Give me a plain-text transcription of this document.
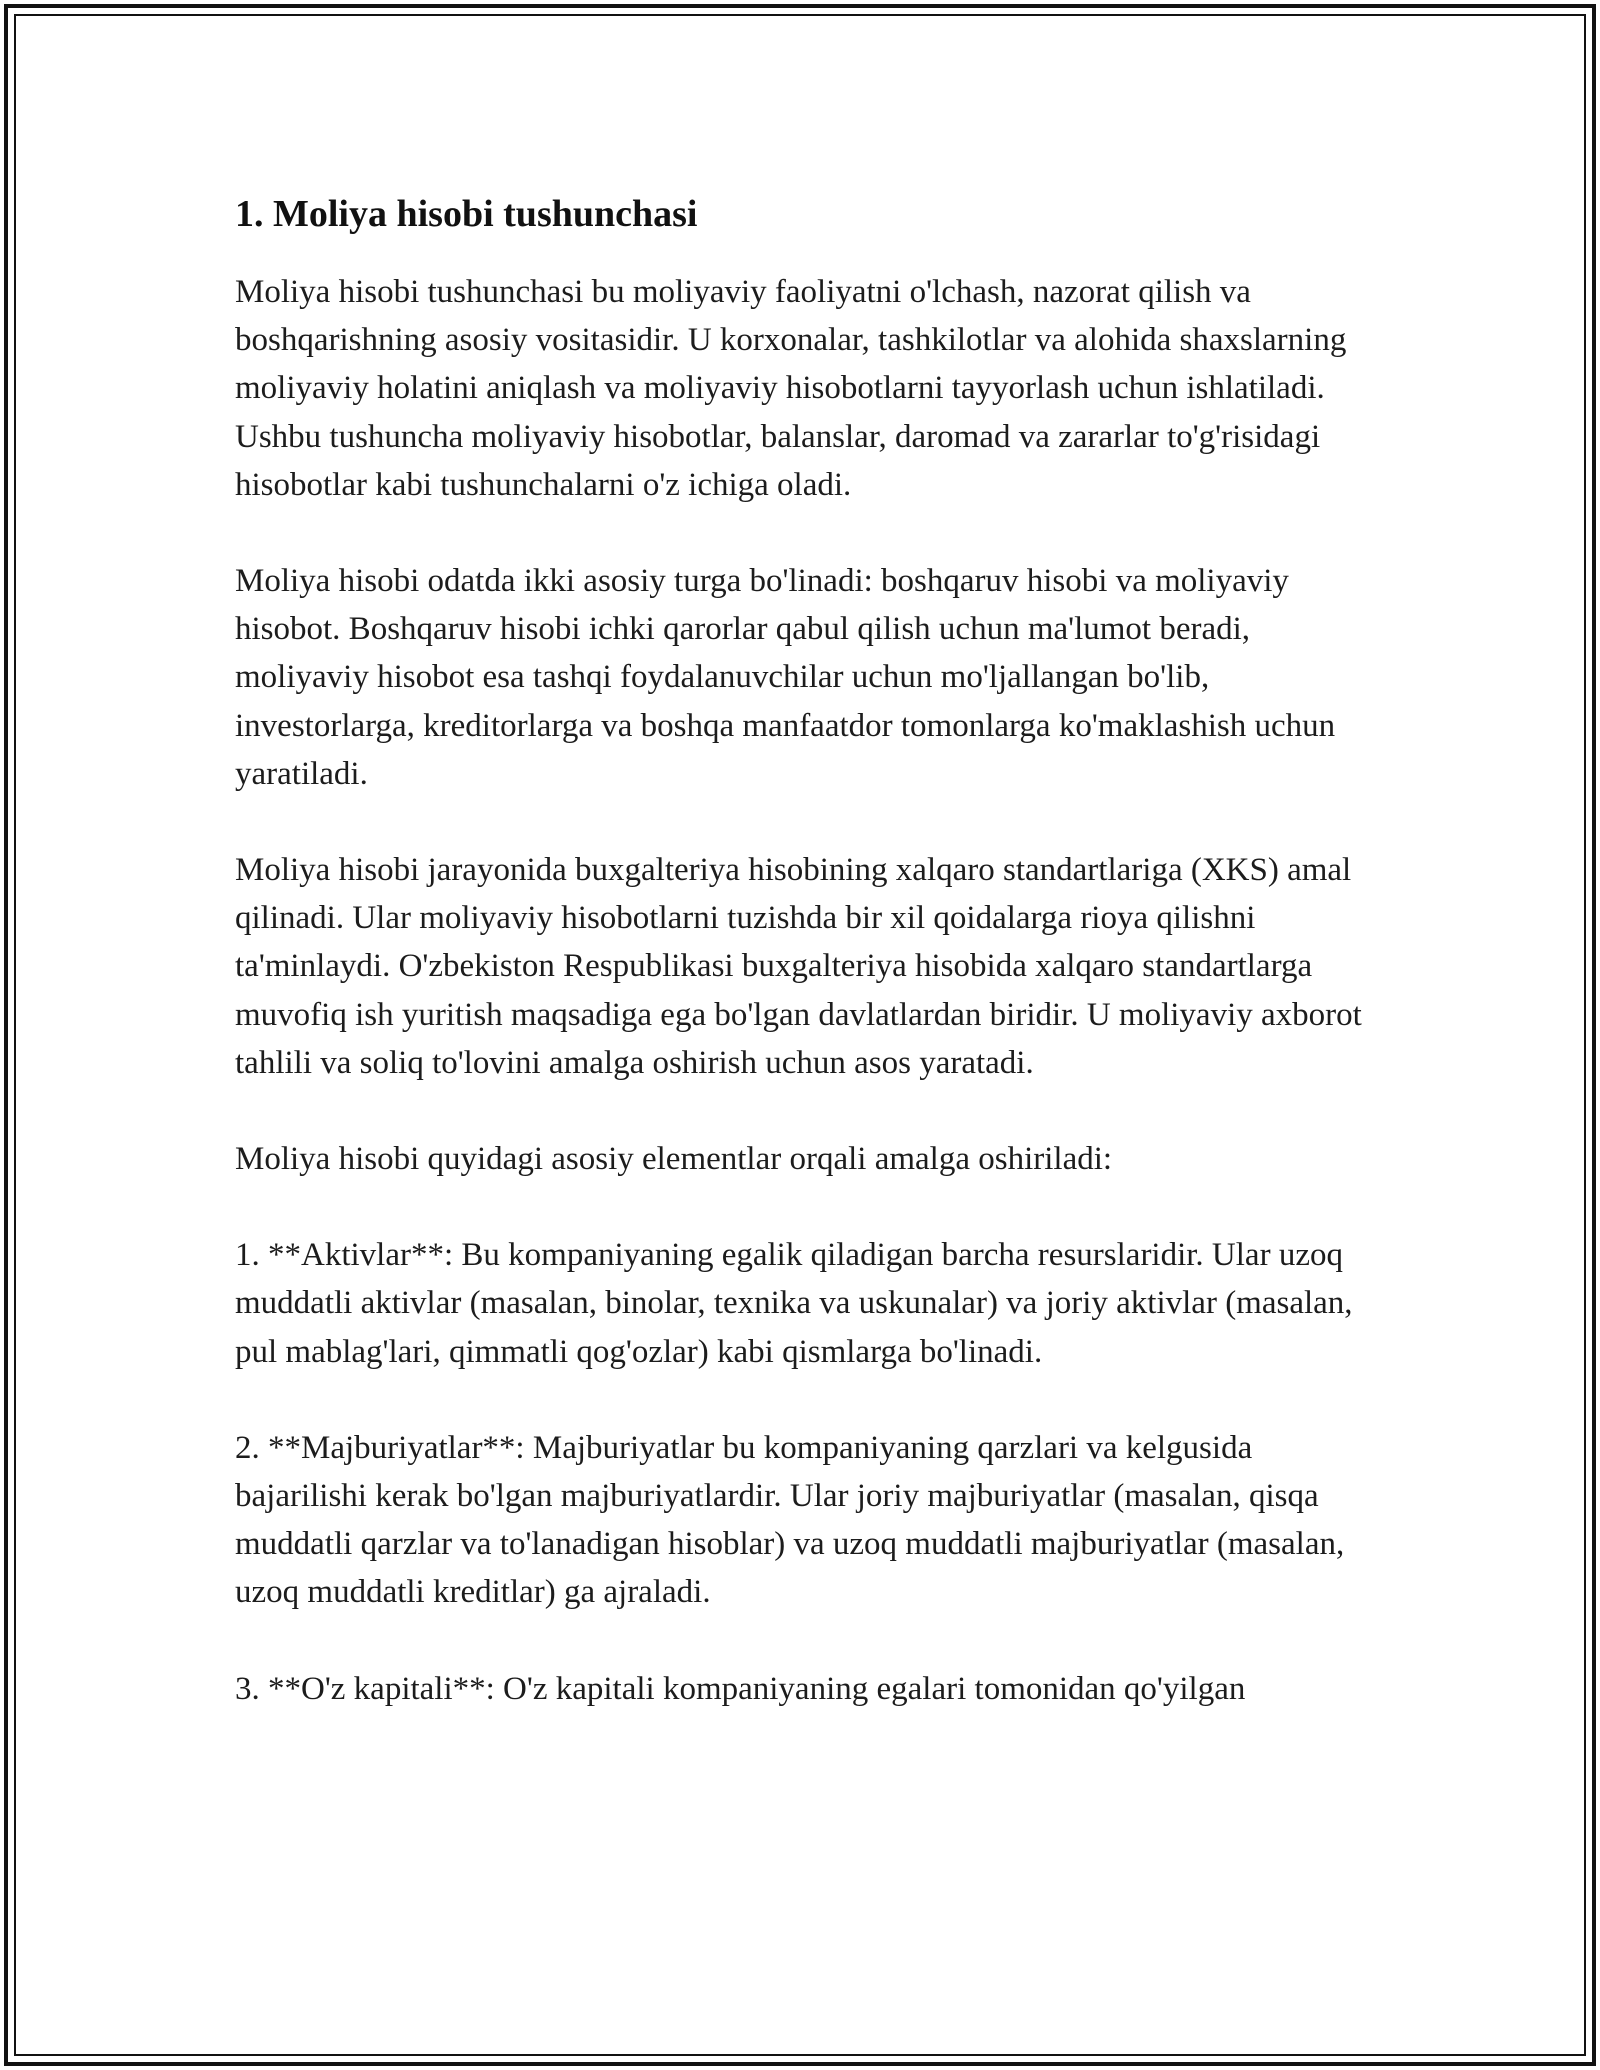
1. Moliya hisobi tushunchasi

Moliya hisobi tushunchasi bu moliyaviy faoliyatni o'lchash, nazorat qilish va boshqarishning asosiy vositasidir. U korxonalar, tashkilotlar va alohida shaxslarning moliyaviy holatini aniqlash va moliyaviy hisobotlarni tayyorlash uchun ishlatiladi. Ushbu tushuncha moliyaviy hisobotlar, balanslar, daromad va zararlar to'g'risidagi hisobotlar kabi tushunchalarni o'z ichiga oladi.

Moliya hisobi odatda ikki asosiy turga bo'linadi: boshqaruv hisobi va moliyaviy hisobot. Boshqaruv hisobi ichki qarorlar qabul qilish uchun ma'lumot beradi, moliyaviy hisobot esa tashqi foydalanuvchilar uchun mo'ljallangan bo'lib, investorlarga, kreditorlarga va boshqa manfaatdor tomonlarga ko'maklashish uchun yaratiladi.

Moliya hisobi jarayonida buxgalteriya hisobining xalqaro standartlariga (XKS) amal qilinadi. Ular moliyaviy hisobotlarni tuzishda bir xil qoidalarga rioya qilishni ta'minlaydi. O'zbekiston Respublikasi buxgalteriya hisobida xalqaro standartlarga muvofiq ish yuritish maqsadiga ega bo'lgan davlatlardan biridir. U moliyaviy axborot tahlili va soliq to'lovini amalga oshirish uchun asos yaratadi.

Moliya hisobi quyidagi asosiy elementlar orqali amalga oshiriladi:

1. **Aktivlar**: Bu kompaniyaning egalik qiladigan barcha resurslaridir. Ular uzoq muddatli aktivlar (masalan, binolar, texnika va uskunalar) va joriy aktivlar (masalan, pul mablag'lari, qimmatli qog'ozlar) kabi qismlarga bo'linadi.

2. **Majburiyatlar**: Majburiyatlar bu kompaniyaning qarzlari va kelgusida bajarilishi kerak bo'lgan majburiyatlardir. Ular joriy majburiyatlar (masalan, qisqa muddatli qarzlar va to'lanadigan hisoblar) va uzoq muddatli majburiyatlar (masalan, uzoq muddatli kreditlar) ga ajraladi.

3. **O'z kapitali**: O'z kapitali kompaniyaning egalari tomonidan qo'yilgan
